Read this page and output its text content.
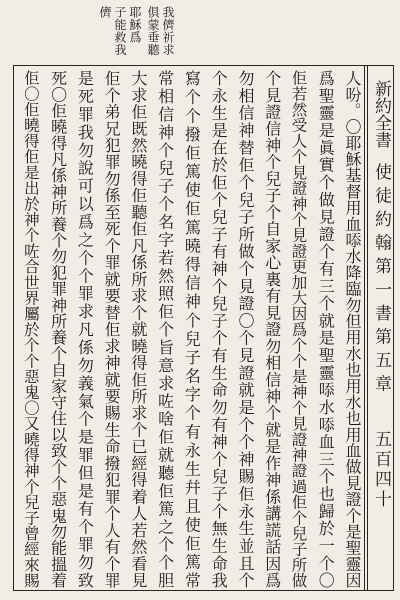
我儕祈求
俱蒙垂聽
耶穌爲
子能救我
儕
新約全書
使徒約翰第一書第五章
五百四十
人吩。〇耶穌基督用血㖭水降臨勿但用水也用水也用血做見證个是聖靈因
爲聖靈是眞實个做見證个有三个就是聖靈㖭水㖭血三个也歸於一个〇
佢若然受人个見證神个見證更加大因爲个个是神个見證神證過佢个兒子所做
个見證信神个兒子个自家心裏有見證勿相信神个就是作神係講謊話因爲
勿相信神替佢个兒子所做个見證〇个見證就是个个神賜佢永生並且个
个永生是在於佢个兒子有神个兒子个有生命勿有神个兒子个無生命我
寫个个撥佢篤使佢篤曉得信神个兒子名字个有永生幷且使佢篤常
常相信神个兒子个名字若然照佢个旨意求咗啥佢就聽佢篤之个个胆
大求佢既然曉得佢聽佢凡係所求个就曉得佢所求个已經得着人若然看見
佢个弟兄犯罪勿係至死个罪就要替佢求神就要賜生命撥犯罪个人有个罪
是死罪我勿說可以爲之个个罪求凡係勿義氣个是罪但是有个罪勿致
死〇佢曉得凡係神所養个勿犯罪神所養个自家守住以致个个惡鬼勿能搵着
佢〇佢曉得佢是出於神个咗合世界屬於个个惡鬼〇又曉得神个兒子曾經來賜
